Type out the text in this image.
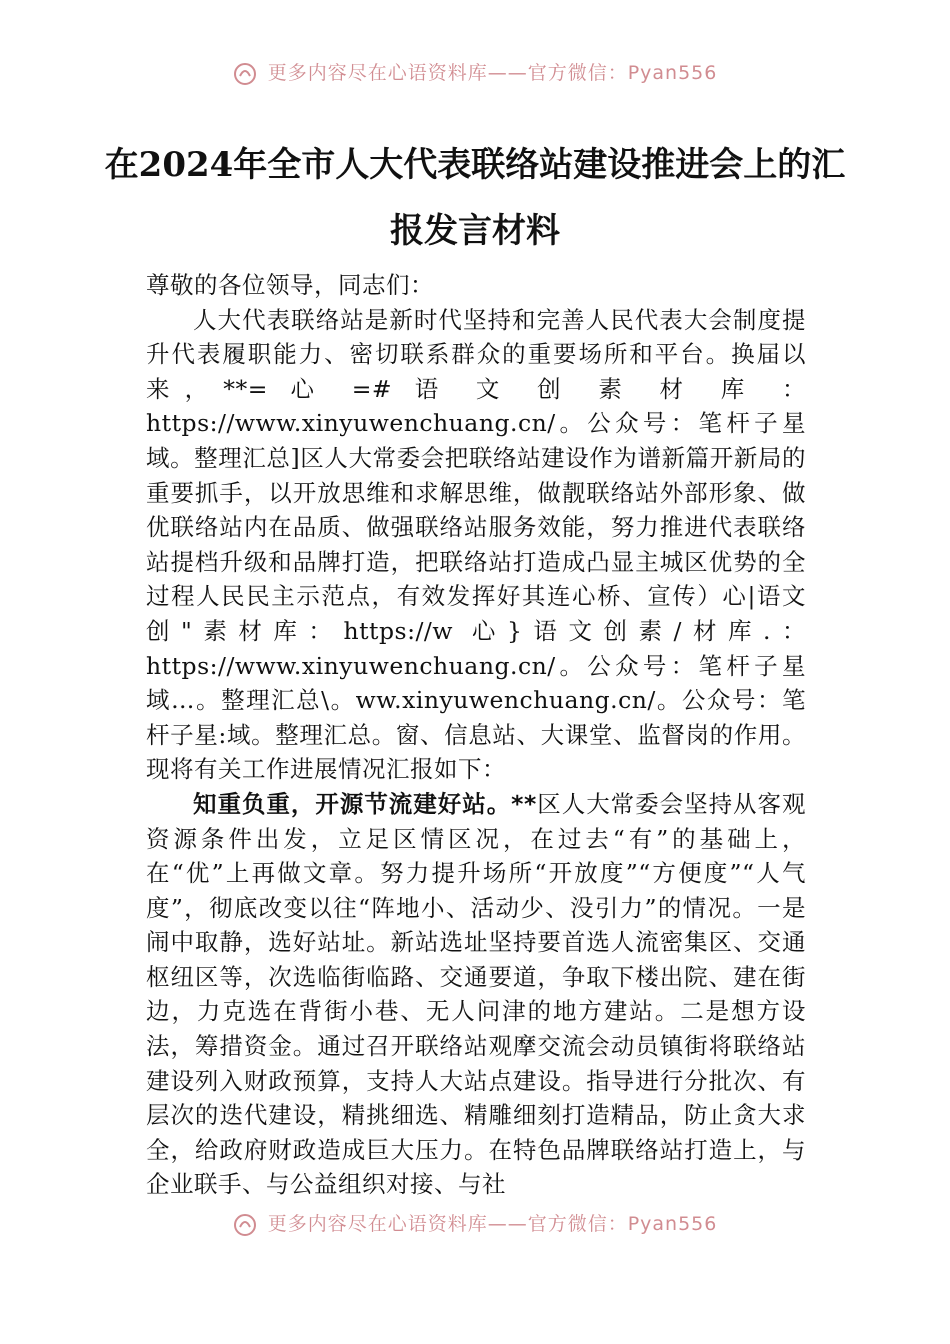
更多内容尽在心语资料库——官方微信：Pyan556
在2024年全市人大代表联络站建设推进会上的汇报发言材料

尊敬的各位领导，同志们：

人大代表联络站是新时代坚持和完善人民代表大会制度提升代表履职能力、密切联系群众的重要场所和平台。换届以来，**= 心 =# 语 文 创 素 材 库 ：https://www.xinyuwenchuang.cn/。公众号：笔杆子星域。整理汇总]区人大常委会把联络站建设作为谱新篇开新局的重要抓手，以开放思维和求解思维，做靓联络站外部形象、做优联络站内在品质、做强联络站服务效能，努力推进代表联络站提档升级和品牌打造，把联络站打造成凸显主城区优势的全过程人民民主示范点，有效发挥好其连心桥、宣传）心|语文创"素材库：https://w 心}语文创素/材库.：https://www.xinyuwenchuang.cn/。公众号：笔杆子星域…。整理汇总\。ww.xinyuwenchuang.cn/。公众号：笔杆子星:域。整理汇总。窗、信息站、大课堂、监督岗的作用。现将有关工作进展情况汇报如下：

知重负重，开源节流建好站。**区人大常委会坚持从客观资源条件出发，立足区情区况，在过去“有”的基础上，在“优”上再做文章。努力提升场所“开放度”“方便度”“人气度”，彻底改变以往“阵地小、活动少、没引力”的情况。一是闹中取静，选好站址。新站选址坚持要首选人流密集区、交通枢纽区等，次选临街临路、交通要道，争取下楼出院、建在街边，力克选在背街小巷、无人问津的地方建站。二是想方设法，筹措资金。通过召开联络站观摩交流会动员镇街将联络站建设列入财政预算，支持人大站点建设。指导进行分批次、有层次的迭代建设，精挑细选、精雕细刻打造精品，防止贪大求全，给政府财政造成巨大压力。在特色品牌联络站打造上，与企业联手、与公益组织对接、与社

更多内容尽在心语资料库——官方微信：Pyan556
